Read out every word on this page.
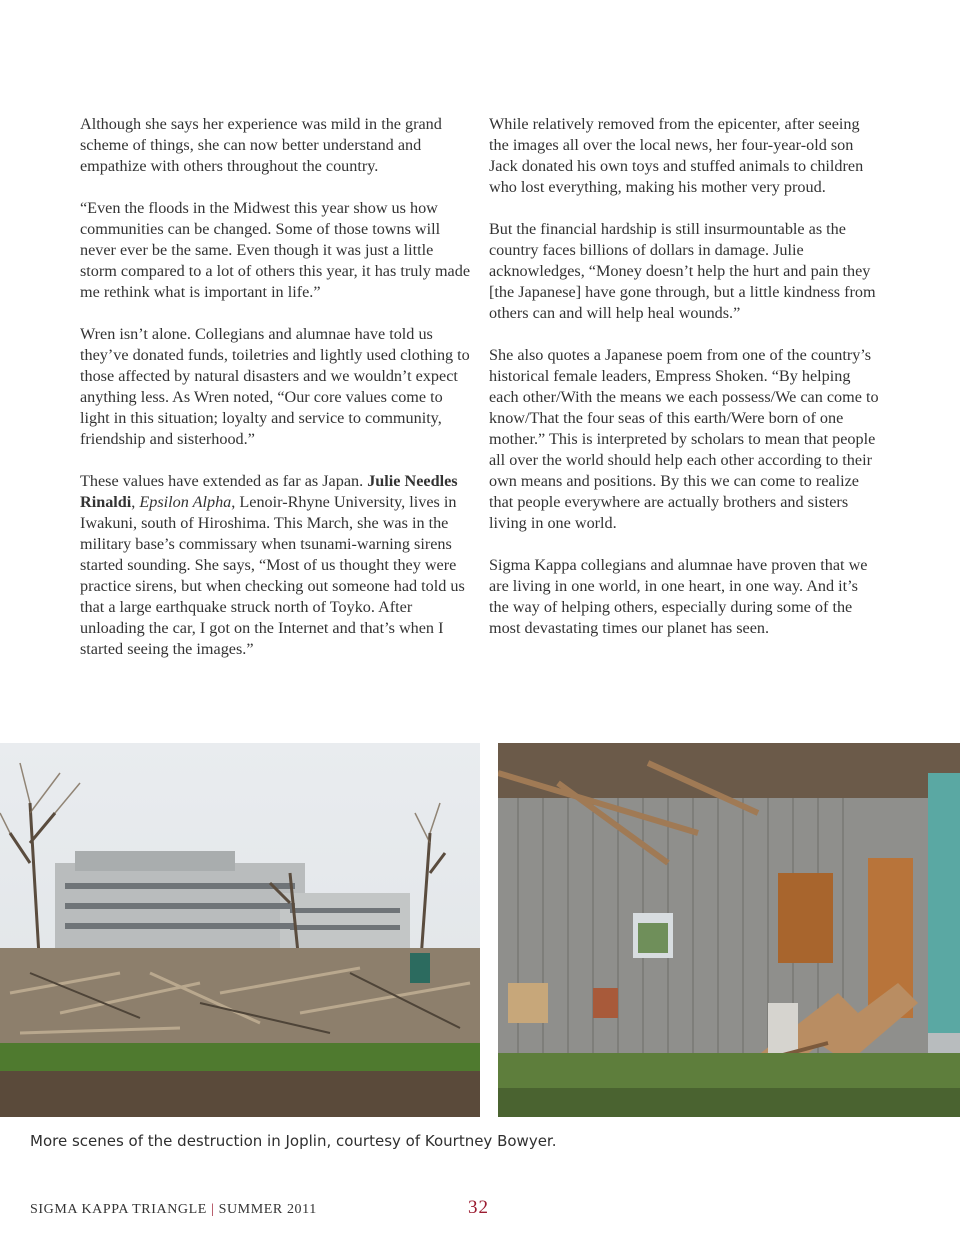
Although she says her experience was mild in the grand scheme of things, she can now better understand and empathize with others throughout the country.

“Even the floods in the Midwest this year show us how communities can be changed. Some of those towns will never ever be the same. Even though it was just a little storm compared to a lot of others this year, it has truly made me rethink what is important in life.”

Wren isn’t alone. Collegians and alumnae have told us they’ve donated funds, toiletries and lightly used clothing to those affected by natural disasters and we wouldn’t expect anything less. As Wren noted, “Our core values come to light in this situation; loyalty and service to community, friendship and sisterhood.”

These values have extended as far as Japan. Julie Needles Rinaldi, Epsilon Alpha, Lenoir-Rhyne University, lives in Iwakuni, south of Hiroshima. This March, she was in the military base’s commissary when tsunami-warning sirens started sounding. She says, “Most of us thought they were practice sirens, but when checking out someone had told us that a large earthquake struck north of Toyko. After unloading the car, I got on the Internet and that’s when I started seeing the images.”

While relatively removed from the epicenter, after seeing the images all over the local news, her four-year-old son Jack donated his own toys and stuffed animals to children who lost everything, making his mother very proud.

But the financial hardship is still insurmountable as the country faces billions of dollars in damage. Julie acknowledges, “Money doesn’t help the hurt and pain they [the Japanese] have gone through, but a little kindness from others can and will help heal wounds.”

She also quotes a Japanese poem from one of the country’s historical female leaders, Empress Shoken. “By helping each other/With the means we each possess/We can come to know/That the four seas of this earth/Were born of one mother.” This is interpreted by scholars to mean that people all over the world should help each other according to their own means and positions. By this we can come to realize that people everywhere are actually brothers and sisters living in one world.

Sigma Kappa collegians and alumnae have proven that we are living in one world, in one heart, in one way. And it’s the way of helping others, especially during some of the most devastating times our planet has seen.

More scenes of the destruction in Joplin, courtesy of Kourtney Bowyer.
SIGMA KAPPA TRIANGLE | SUMMER 2011	32
